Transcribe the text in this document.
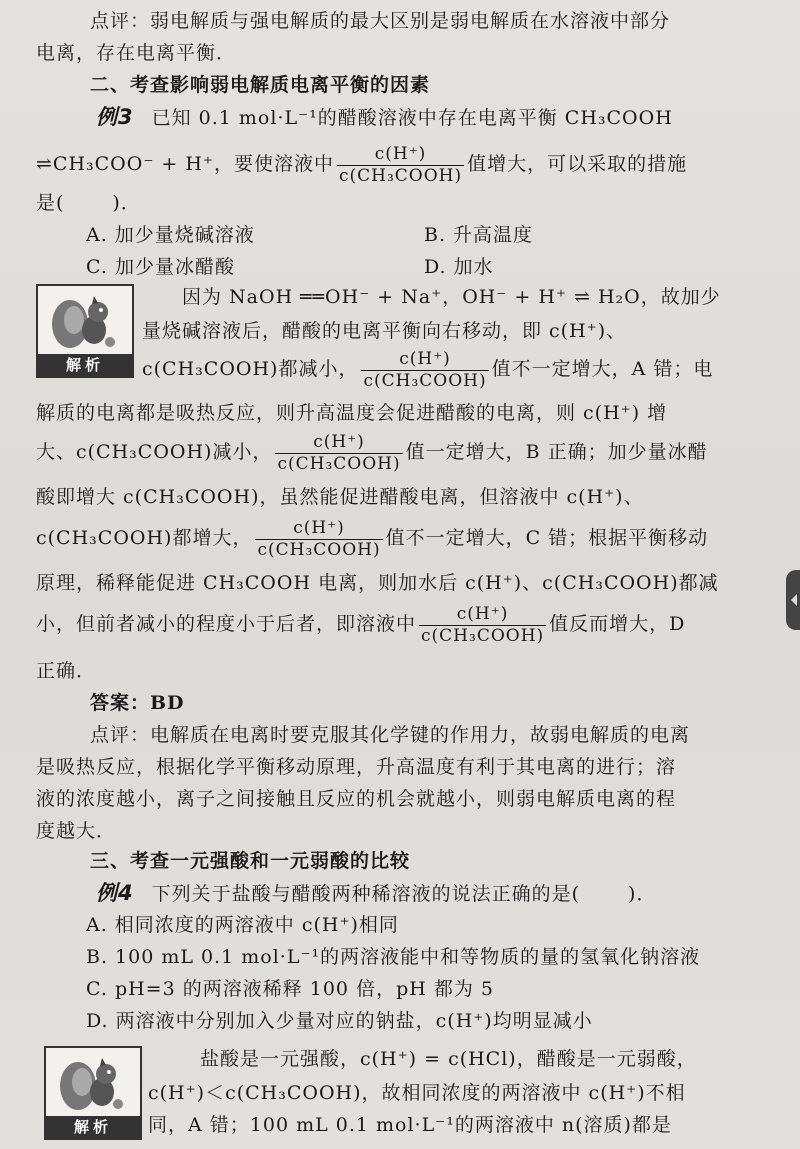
点评：弱电解质与强电解质的最大区别是弱电解质在水溶液中部分
电离，存在电离平衡．
二、考查影响弱电解质电离平衡的因素
例3 已知 0.1 mol·L⁻¹的醋酸溶液中存在电离平衡 CH₃COOH
⇌CH₃COO⁻ + H⁺，要使溶液中 $\frac{c(H^+)}{\text{c(CH₃COOH)}}$ 值增大，可以采取的措施
是(	)．
A. 加少量烧碱溶液	B. 升高温度
C. 加少量冰醋酸	D. 加水
解析
因为 NaOH ══OH⁻ + Na⁺，OH⁻ + H⁺ ⇌ H₂O，故加少
量烧碱溶液后，醋酸的电离平衡向右移动，即 c(H⁺)、
c(CH₃COOH)都减小， $\frac{c(H^+)}{\text{c(CH₃COOH)}}$ 值不一定增大，A 错；电
解质的电离都是吸热反应，则升高温度会促进醋酸的电离，则 c(H⁺) 增
大、c(CH₃COOH)减小， $\frac{c(H^+)}{\text{c(CH₃COOH)}}$ 值一定增大，B 正确；加少量冰醋
酸即增大 c(CH₃COOH)，虽然能促进醋酸电离，但溶液中 c(H⁺)、
c(CH₃COOH)都增大， $\frac{c(H^+)}{\text{c(CH₃COOH)}}$ 值不一定增大，C 错；根据平衡移动
原理，稀释能促进 CH₃COOH 电离，则加水后 c(H⁺)、c(CH₃COOH)都减
小，但前者减小的程度小于后者，即溶液中 $\frac{c(H^+)}{\text{c(CH₃COOH)}}$ 值反而增大，D
正确．
答案：BD
点评：电解质在电离时要克服其化学键的作用力，故弱电解质的电离
是吸热反应，根据化学平衡移动原理，升高温度有利于其电离的进行；溶
液的浓度越小，离子之间接触且反应的机会就越小，则弱电解质电离的程
度越大．
三、考查一元强酸和一元弱酸的比较
例4 下列关于盐酸与醋酸两种稀溶液的说法正确的是(	)．
A. 相同浓度的两溶液中 c(H⁺)相同
B. 100 mL 0.1 mol·L⁻¹的两溶液能中和等物质的量的氢氧化钠溶液
C. pH=3 的两溶液稀释 100 倍，pH 都为 5
D. 两溶液中分别加入少量对应的钠盐，c(H⁺)均明显减小
解析
盐酸是一元强酸，c(H⁺) = c(HCl)，醋酸是一元弱酸，
c(H⁺)＜c(CH₃COOH)，故相同浓度的两溶液中 c(H⁺)不相
同，A 错；100 mL 0.1 mol·L⁻¹的两溶液中 n(溶质)都是
